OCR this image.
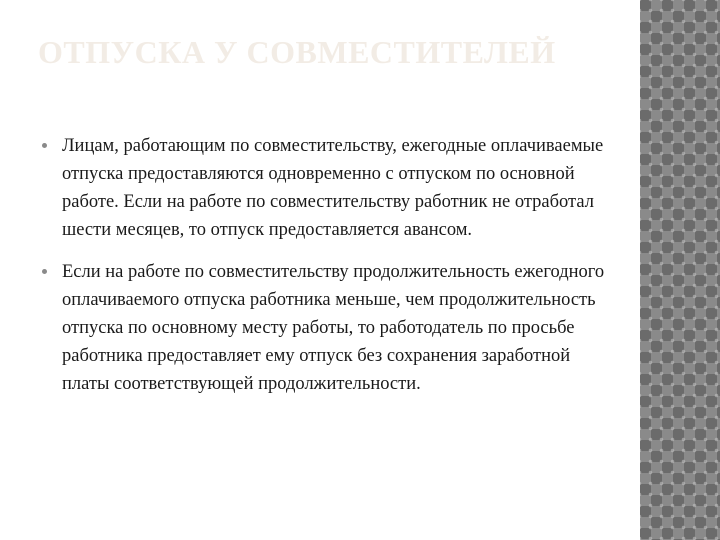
ОТПУСКА У СОВМЕСТИТЕЛЕЙ
Лицам, работающим по совместительству, ежегодные оплачиваемые отпуска предоставляются одновременно с отпуском по основной работе. Если на работе по совместительству работник не отработал шести месяцев, то отпуск предоставляется авансом.
Если на работе по совместительству продолжительность ежегодного оплачиваемого отпуска работника меньше, чем продолжительность отпуска по основному месту работы, то работодатель по просьбе работника предоставляет ему отпуск без сохранения заработной платы соответствующей продолжительности.
